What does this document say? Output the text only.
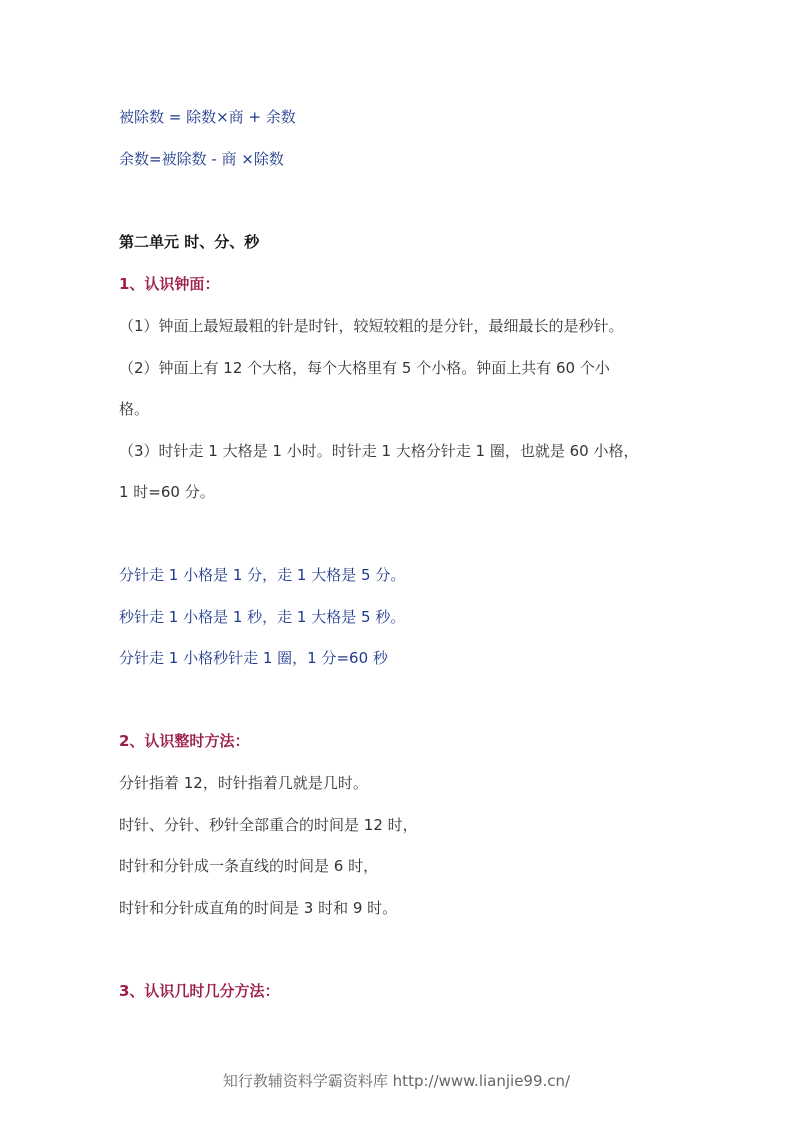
被除数 = 除数×商 + 余数
余数=被除数 - 商 ×除数
第二单元 时、分、秒
1、认识钟面：
（1）钟面上最短最粗的针是时针，较短较粗的是分针，最细最长的是秒针。
（2）钟面上有 12 个大格，每个大格里有 5 个小格。钟面上共有 60 个小
格。
（3）时针走 1 大格是 1 小时。时针走 1 大格分针走 1 圈，也就是 60 小格，
1 时=60 分。
分针走 1 小格是 1 分，走 1 大格是 5 分。
秒针走 1 小格是 1 秒，走 1 大格是 5 秒。
分针走 1 小格秒针走 1 圈，1 分=60 秒
2、认识整时方法：
分针指着 12，时针指着几就是几时。
时针、分针、秒针全部重合的时间是 12 时，
时针和分针成一条直线的时间是 6 时，
时针和分针成直角的时间是 3 时和 9 时。
3、认识几时几分方法：
知行教辅资料学霸资料库 http://www.lianjie99.cn/
